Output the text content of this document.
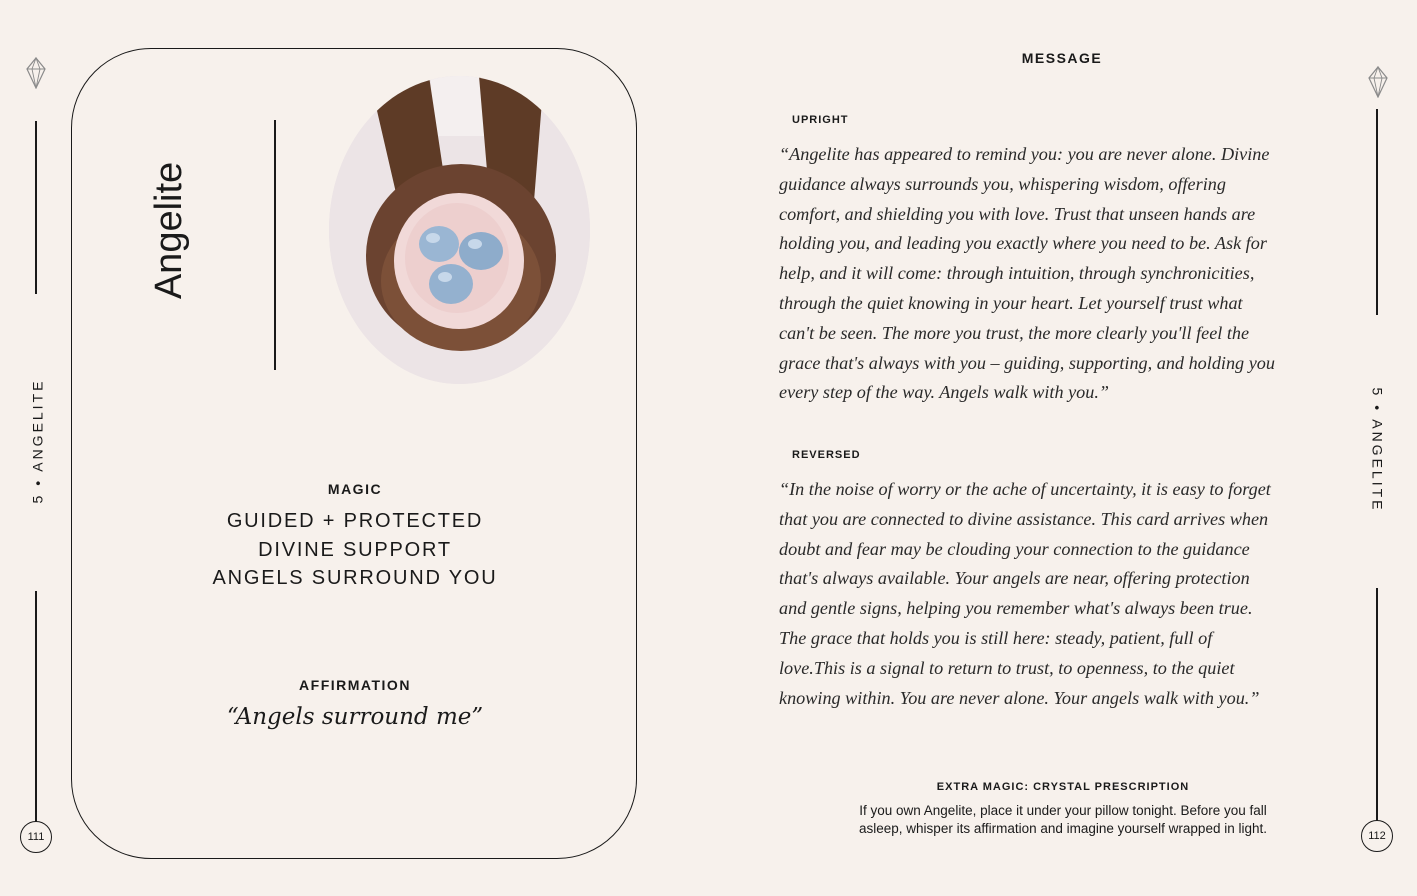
5 • ANGELITE
111
Angelite
MAGIC
GUIDED + PROTECTED
DIVINE SUPPORT
ANGELS SURROUND YOU
AFFIRMATION
“Angels surround me”
MESSAGE
UPRIGHT
“Angelite has appeared to remind you: you are never alone. Divine
guidance always surrounds you, whispering wisdom, offering
comfort, and shielding you with love. Trust that unseen hands are
holding you, and leading you exactly where you need to be. Ask for
help, and it will come: through intuition, through synchronicities,
through the quiet knowing in your heart. Let yourself trust what
can't be seen. The more you trust, the more clearly you'll feel the
grace that's always with you – guiding, supporting, and holding you
every step of the way. Angels walk with you.”
REVERSED
“In the noise of worry or the ache of uncertainty, it is easy to forget
that you are connected to divine assistance. This card arrives when
doubt and fear may be clouding your connection to the guidance
that's always available. Your angels are near, offering protection
and gentle signs, helping you remember what's always been true.
The grace that holds you is still here: steady, patient, full of
love.This is a signal to return to trust, to openness, to the quiet
knowing within. You are never alone. Your angels walk with you.”
EXTRA MAGIC: CRYSTAL PRESCRIPTION
If you own Angelite, place it under your pillow tonight. Before you fall
asleep, whisper its affirmation and imagine yourself wrapped in light.
5 • ANGELITE
112
